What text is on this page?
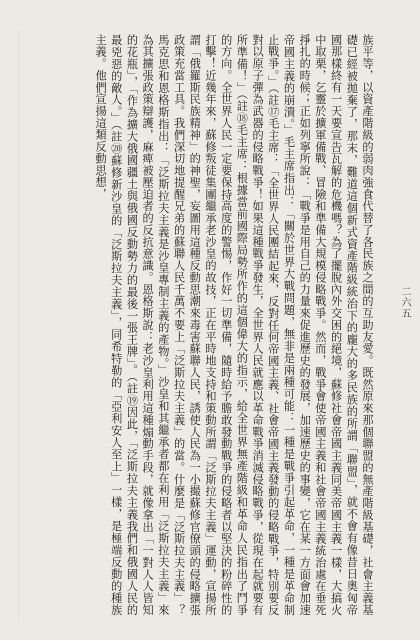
族平等，以資產階級的弱肉強食代替了各民族之間的互助友愛。既然原來那個聯盟的無產階級基礎，社會主義基礎已經被拋棄了，那末，難道這個新式資產階級統治下的龐大的多民族的所謂「聯盟」，就不會有像昔日奧匈帝國那樣終有一天要宣告瓦解的危機嗎？為了擺脫內外交困的絕境，蘇修社會帝國主義同美帝國主義一樣，大搞火中取栗，乞靈於擴軍備戰、冒險和準備大規模侵略戰爭。然而，戰爭會使帝國主義和社會帝國主義統治處在垂死掙扎的時候；正如列寧所說：「戰爭是用自己的力量來促進歷史的發展，加速歷史的事變，它在某一方面會加速帝國主義的崩潰。」毛主席指出：「關於世界大戰問題，無非是兩種可能：一種是戰爭引起革命，一種是革命制止戰爭。」（註⑰毛主席：「全世界人民團結起來，反對任何帝國主義、社會帝國主義發動的侵略戰爭，特別要反對以原子彈為武器的侵略戰爭！如果這種戰爭發生，全世界人民就應以革命戰爭消滅侵略戰爭，從現在起就要有所準備！」（註⑱毛主席：根據當前國際局勢所作的這個偉大的指示，給全世界無產階級和革命人民指出了鬥爭的方向。全世界人民一定要保持高度的警惕，作好一切準備，隨時給予膽敢發動戰爭的侵略者以堅決的粉碎性的打擊！近幾年來，蘇修叛徒集團繼承老沙皇的故技，正在平時地支持和策動所謂「泛斯拉夫主義」運動，宣揚所謂「俄羅斯民族精神」的神聖，妄圖用這種反動思潮來毒害蘇聯人民，誘使人民為一小撮蘇修官僚頭的侵略擴張政策充當工具。我們深切地提醒兄弟的蘇聯人民千萬不要上「泛斯拉夫主義」的當。什麼是「泛斯拉夫主義」？馬克思和恩格斯指出：「泛斯拉夫主義是沙皇專制主義的產物。」沙皇和其繼承者都在利用「泛斯拉夫主義」來為其擴張政策辯護，麻痺被壓迫者的反抗意識。恩格斯說：老沙皇利用這種煽動手段，就像拿出「一對人人皆知的花瓶」，「作為擴大俄國疆土與俄國反動勢力的最後一張王牌」。（註⑲因此，「泛斯拉夫主義我們和俄國人民的最兇惡的敵人。」（註⑳蘇修新沙皇的「泛斯拉夫主義」，同希特勒的「亞利安人至上」一樣，是極端反動的種族主義。他們宣揚這類反動思想，

二六五
